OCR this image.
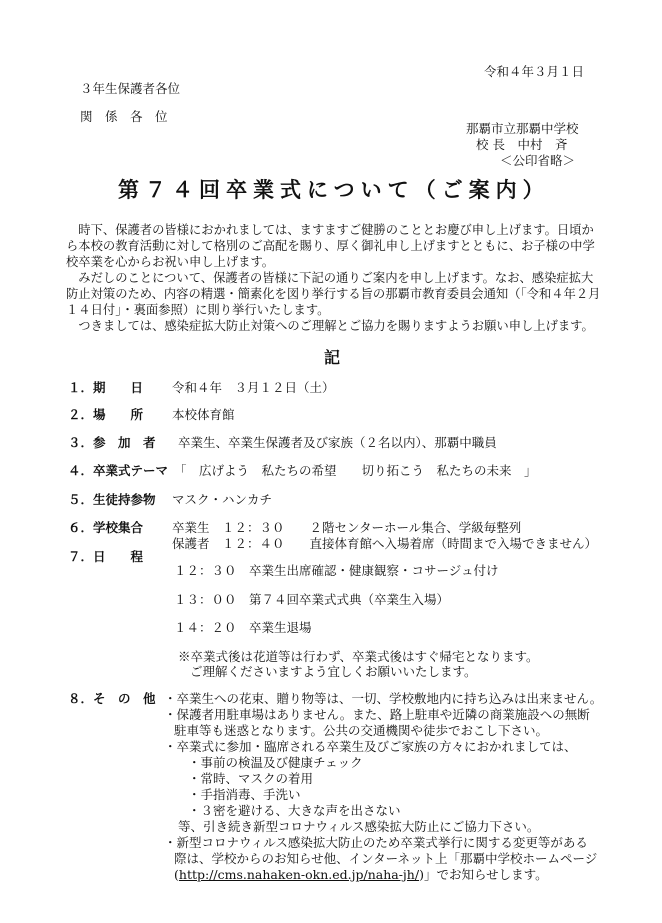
令和４年３月１日
３年生保護者各位
関　係　各　位
那覇市立那覇中学校
校 長　中村　斉
＜公印省略＞
第７４回卒業式について（ご案内）

時下、保護者の皆様におかれましては、ますますご健勝のこととお慶び申し上げます。日頃から本校の教育活動に対して格別のご高配を賜り、厚く御礼申し上げますとともに、お子様の中学校卒業を心からお祝い申し上げます。

みだしのことについて、保護者の皆様に下記の通りご案内を申し上げます。なお、感染症拡大防止対策のため、内容の精選・簡素化を図り挙行する旨の那覇市教育委員会通知（「令和４年２月１４日付」・裏面参照）に則り挙行いたします。

つきましては、感染症拡大防止対策へのご理解とご協力を賜りますようお願い申し上げます。

記
１．期　　日 令和４年　３月１２日（土）
２．場　　所 本校体育館
３．参　加　者 卒業生、卒業生保護者及び家族（２名以内）、那覇中職員
４．卒業式テーマ 「　広げよう　私たちの希望　　切り拓こう　私たちの未来　」
５．生徒持参物 マスク・ハンカチ
６．学校集合 卒業生　１２：３０　　２階センターホール集合、学級毎整列
保護者　１２：４０　　直接体育館へ入場着席（時間まで入場できません）
７．日　　程
１２：３０　卒業生出席確認・健康観察・コサージュ付け
１３：００　第７４回卒業式式典（卒業生入場）
１４：２０　卒業生退場
※卒業式後は花道等は行わず、卒業式後はすぐ帰宅となります。
ご理解くださいますよう宜しくお願いいたします。
８．そ　の　他 ・卒業生への花束、贈り物等は、一切、学校敷地内に持ち込みは出来ません。
・保護者用駐車場はありません。また、路上駐車や近隣の商業施設への無断
駐車等も迷惑となります。公共の交通機関や徒歩でおこし下さい。
・卒業式に参加・臨席される卒業生及びご家族の方々におかれましては、
・事前の検温及び健康チェック
・常時、マスクの着用
・手指消毒、手洗い
・３密を避ける、大きな声を出さない
等、引き続き新型コロナウィルス感染拡大防止にご協力下さい。
・新型コロナウィルス感染拡大防止のため卒業式挙行に関する変更等がある
際は、学校からのお知らせ他、インターネット上「那覇中学校ホームページ
(http://cms.nahaken-okn.ed.jp/naha-jh/)」でお知らせします。
